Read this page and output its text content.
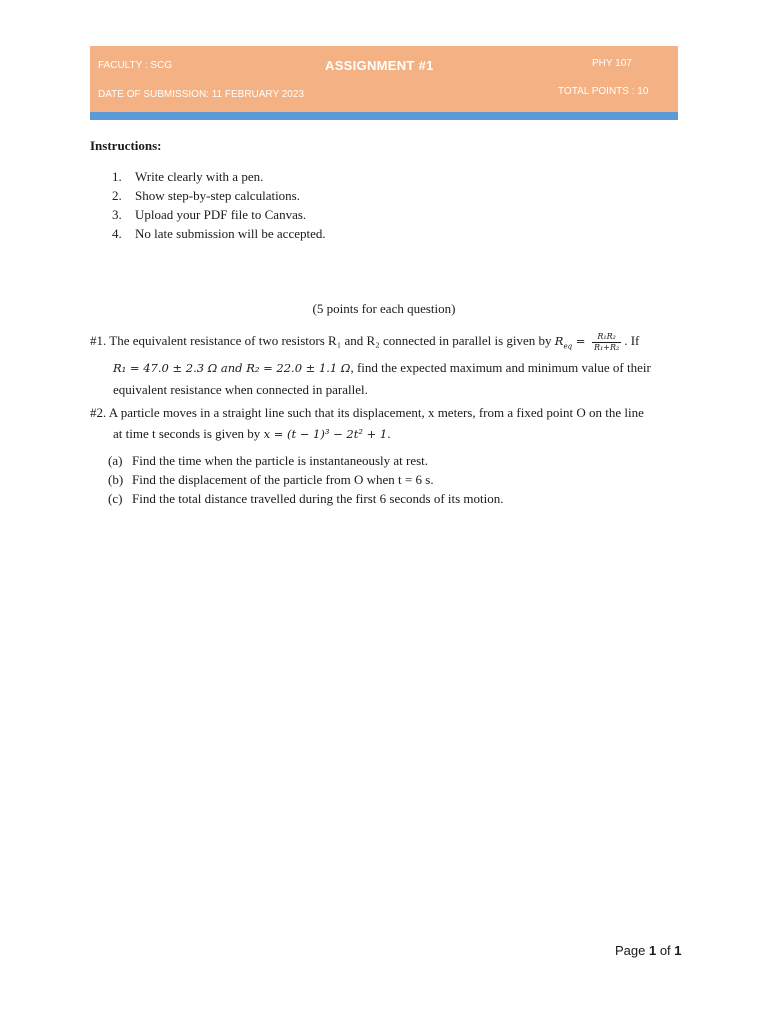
FACULTY : SCG	ASSIGNMENT #1	PHY 107
DATE OF SUBMISSION: 11 FEBRUARY 2023	TOTAL POINTS : 10
Instructions:
1. Write clearly with a pen.
2. Show step-by-step calculations.
3. Upload your PDF file to Canvas.
4. No late submission will be accepted.
(5 points for each question)
#1. The equivalent resistance of two resistors R₁ and R₂ connected in parallel is given by $R_{eq} = \frac{\text{R₁R₂}}{\text{R₁+R₂}}$ . If
R₁ = 47.0 ± 2.3 Ω and R₂ = 22.0 ± 1.1 Ω, find the expected maximum and minimum value of their
equivalent resistance when connected in parallel.
#2. A particle moves in a straight line such that its displacement, x meters, from a fixed point O on the line
at time t seconds is given by x = (t − 1)³ − 2t² + 1.
(a) Find the time when the particle is instantaneously at rest.
(b) Find the displacement of the particle from O when t = 6 s.
(c) Find the total distance travelled during the first 6 seconds of its motion.
Page 1 of 1
